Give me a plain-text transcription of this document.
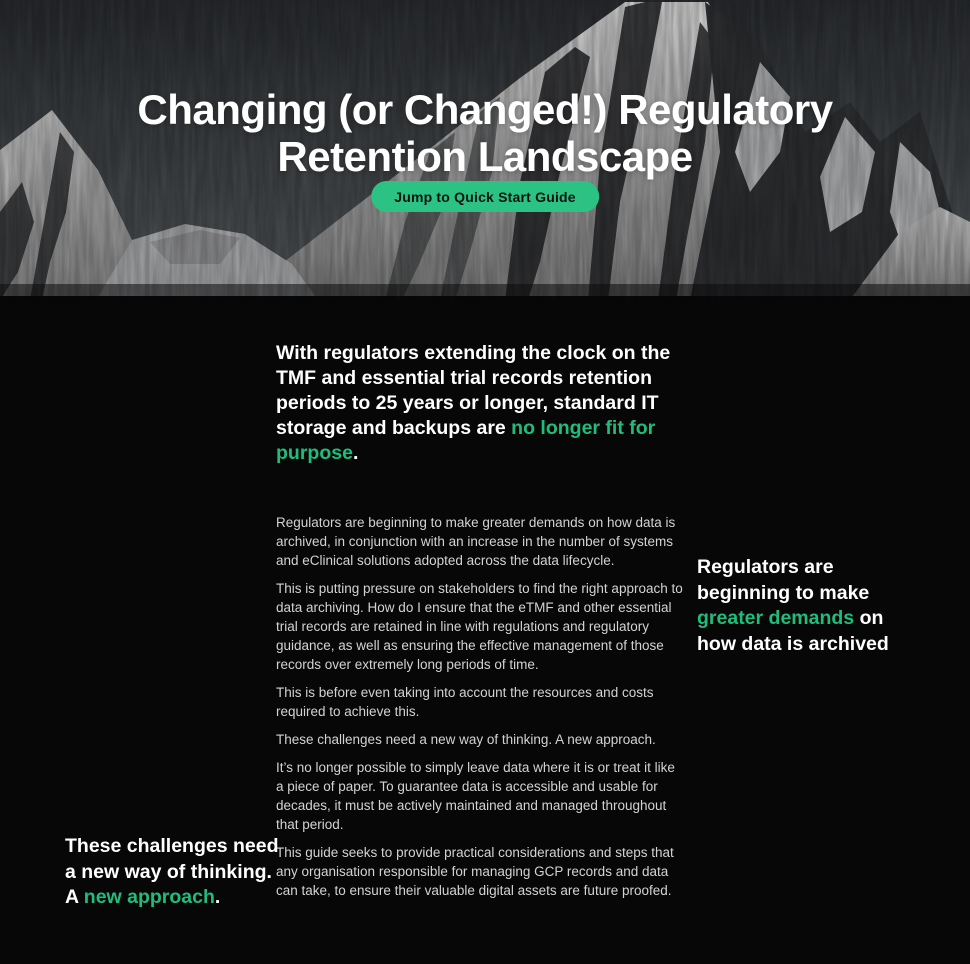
Changing (or Changed!) Regulatory
Retention Landscape
Jump to Quick Start Guide
With regulators extending the clock on the TMF and essential trial records retention periods to 25 years or longer, standard IT storage and backups are no longer fit for purpose.

Regulators are beginning to make greater demands on how data is archived, in conjunction with an increase in the number of systems and eClinical solutions adopted across the data lifecycle.

This is putting pressure on stakeholders to find the right approach to data archiving. How do I ensure that the eTMF and other essential trial records are retained in line with regulations and regulatory guidance, as well as ensuring the effective management of those records over extremely long periods of time.

This is before even taking into account the resources and costs required to achieve this.

These challenges need a new way of thinking. A new approach.

It’s no longer possible to simply leave data where it is or treat it like a piece of paper. To guarantee data is accessible and usable for decades, it must be actively maintained and managed throughout that period.

This guide seeks to provide practical considerations and steps that any organisation responsible for managing GCP records and data can take, to ensure their valuable digital assets are future proofed.

Regulators are beginning to make greater demands on how data is archived
These challenges need a new way of thinking. A new approach.
